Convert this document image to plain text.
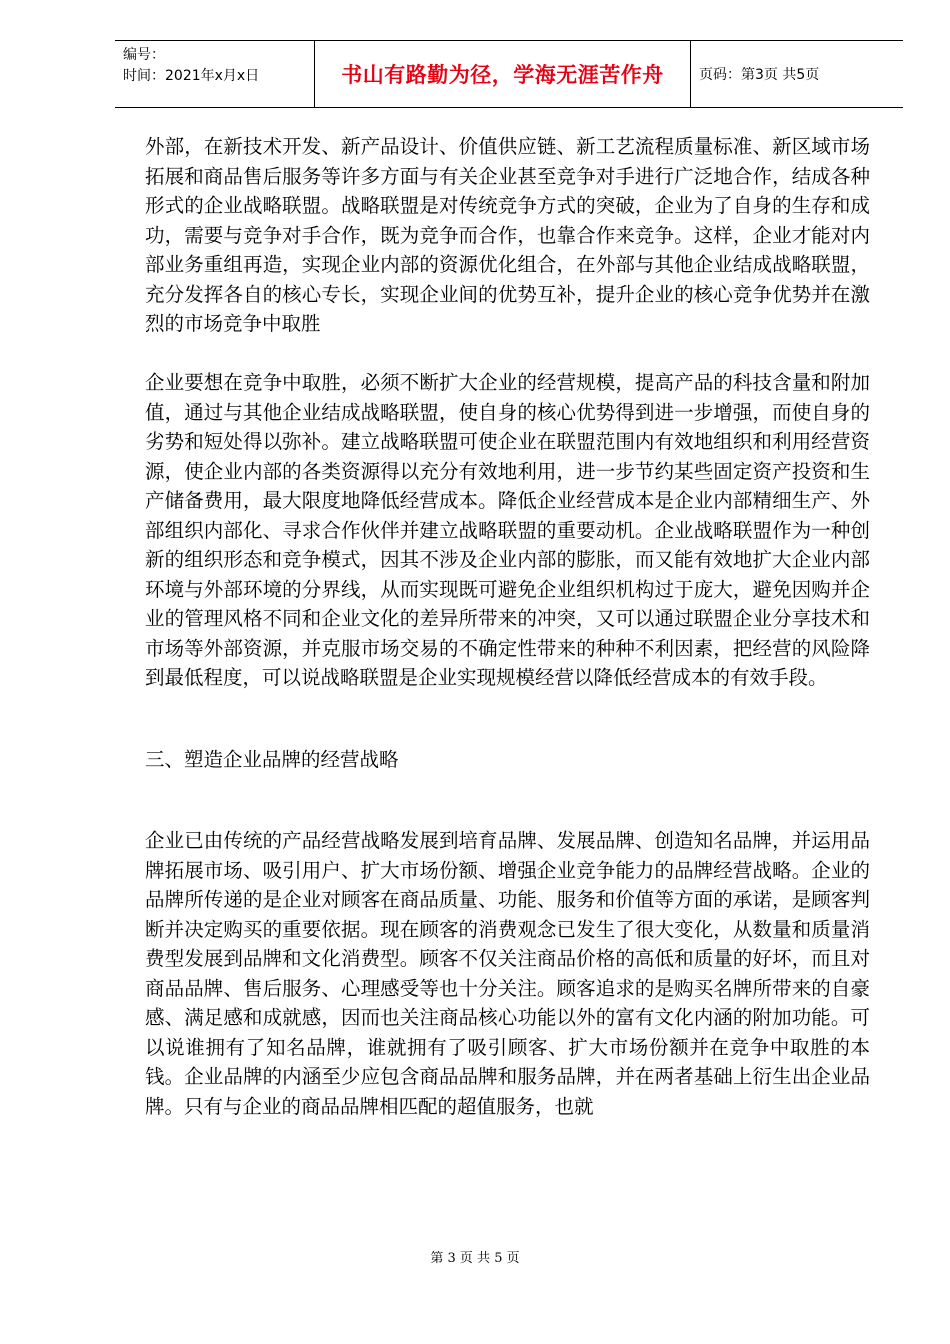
编号：
时间：2021年x月x日	书山有路勤为径，学海无涯苦作舟	页码：第3页 共5页

外部，在新技术开发、新产品设计、价值供应链、新工艺流程质量标准、新区域市场拓展和商品售后服务等许多方面与有关企业甚至竞争对手进行广泛地合作，结成各种形式的企业战略联盟。战略联盟是对传统竞争方式的突破，企业为了自身的生存和成功，需要与竞争对手合作，既为竞争而合作，也靠合作来竞争。这样，企业才能对内部业务重组再造，实现企业内部的资源优化组合，在外部与其他企业结成战略联盟，充分发挥各自的核心专长，实现企业间的优势互补，提升企业的核心竞争优势并在激烈的市场竞争中取胜

企业要想在竞争中取胜，必须不断扩大企业的经营规模，提高产品的科技含量和附加值，通过与其他企业结成战略联盟，使自身的核心优势得到进一步增强，而使自身的劣势和短处得以弥补。建立战略联盟可使企业在联盟范围内有效地组织和利用经营资源，使企业内部的各类资源得以充分有效地利用，进一步节约某些固定资产投资和生产储备费用，最大限度地降低经营成本。降低企业经营成本是企业内部精细生产、外部组织内部化、寻求合作伙伴并建立战略联盟的重要动机。企业战略联盟作为一种创新的组织形态和竞争模式，因其不涉及企业内部的膨胀，而又能有效地扩大企业内部环境与外部环境的分界线，从而实现既可避免企业组织机构过于庞大，避免因购并企业的管理风格不同和企业文化的差异所带来的冲突，又可以通过联盟企业分享技术和市场等外部资源，并克服市场交易的不确定性带来的种种不利因素，把经营的风险降到最低程度，可以说战略联盟是企业实现规模经营以降低经营成本的有效手段。

三、塑造企业品牌的经营战略

企业已由传统的产品经营战略发展到培育品牌、发展品牌、创造知名品牌，并运用品牌拓展市场、吸引用户、扩大市场份额、增强企业竞争能力的品牌经营战略。企业的品牌所传递的是企业对顾客在商品质量、功能、服务和价值等方面的承诺，是顾客判断并决定购买的重要依据。现在顾客的消费观念已发生了很大变化，从数量和质量消费型发展到品牌和文化消费型。顾客不仅关注商品价格的高低和质量的好坏，而且对商品品牌、售后服务、心理感受等也十分关注。顾客追求的是购买名牌所带来的自豪感、满足感和成就感，因而也关注商品核心功能以外的富有文化内涵的附加功能。可以说谁拥有了知名品牌，谁就拥有了吸引顾客、扩大市场份额并在竞争中取胜的本钱。企业品牌的内涵至少应包含商品品牌和服务品牌，并在两者基础上衍生出企业品牌。只有与企业的商品品牌相匹配的超值服务，也就

第 3 页 共 5 页
